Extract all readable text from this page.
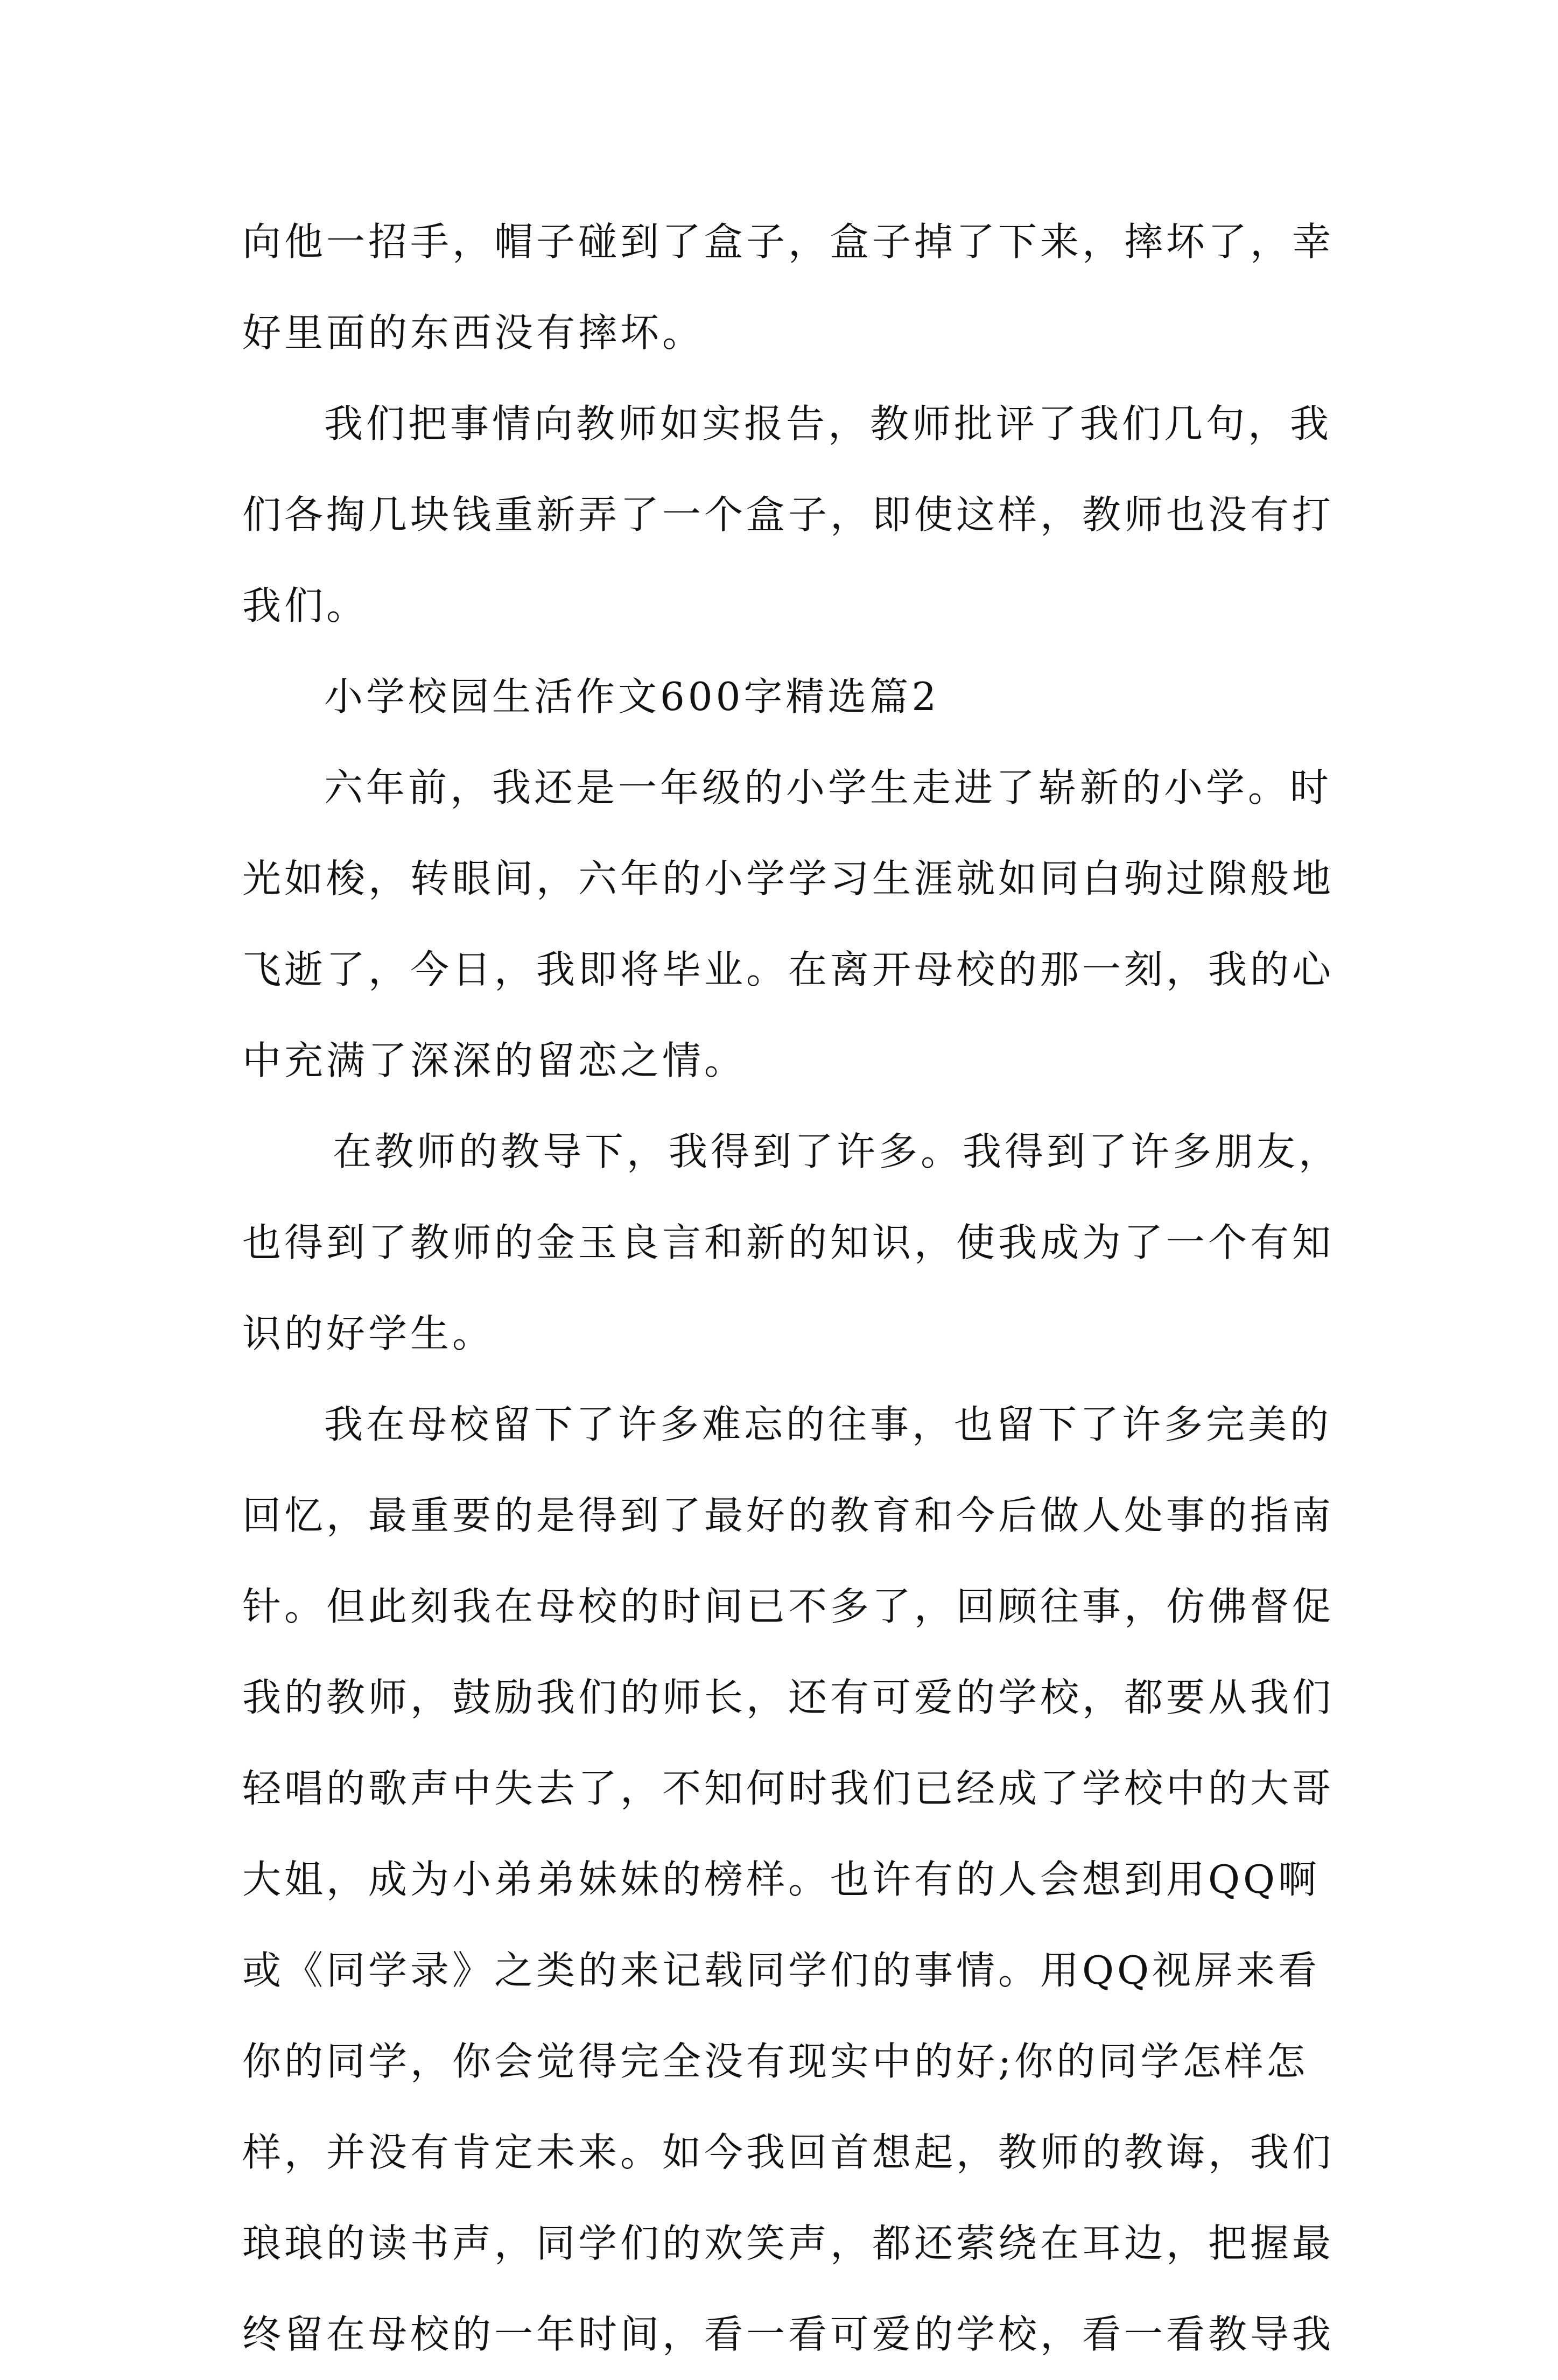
向他一招手，帽子碰到了盒子，盒子掉了下来，摔坏了，幸
好里面的东西没有摔坏。
我们把事情向教师如实报告，教师批评了我们几句，我
们各掏几块钱重新弄了一个盒子，即使这样，教师也没有打
我们。
小学校园生活作文600字精选篇2
六年前，我还是一年级的小学生走进了崭新的小学。时
光如梭，转眼间，六年的小学学习生涯就如同白驹过隙般地
飞逝了，今日，我即将毕业。在离开母校的那一刻，我的心
中充满了深深的留恋之情。
在教师的教导下，我得到了许多。我得到了许多朋友，
也得到了教师的金玉良言和新的知识，使我成为了一个有知
识的好学生。
我在母校留下了许多难忘的往事，也留下了许多完美的
回忆，最重要的是得到了最好的教育和今后做人处事的指南
针。但此刻我在母校的时间已不多了，回顾往事，仿佛督促
我的教师，鼓励我们的师长，还有可爱的学校，都要从我们
轻唱的歌声中失去了，不知何时我们已经成了学校中的大哥
大姐，成为小弟弟妹妹的榜样。也许有的人会想到用QQ啊
或《同学录》之类的来记载同学们的事情。用QQ视屏来看
你的同学，你会觉得完全没有现实中的好;你的同学怎样怎
样，并没有肯定未来。如今我回首想起，教师的教诲，我们
琅琅的读书声，同学们的欢笑声，都还萦绕在耳边，把握最
终留在母校的一年时间，看一看可爱的学校，看一看教导我
